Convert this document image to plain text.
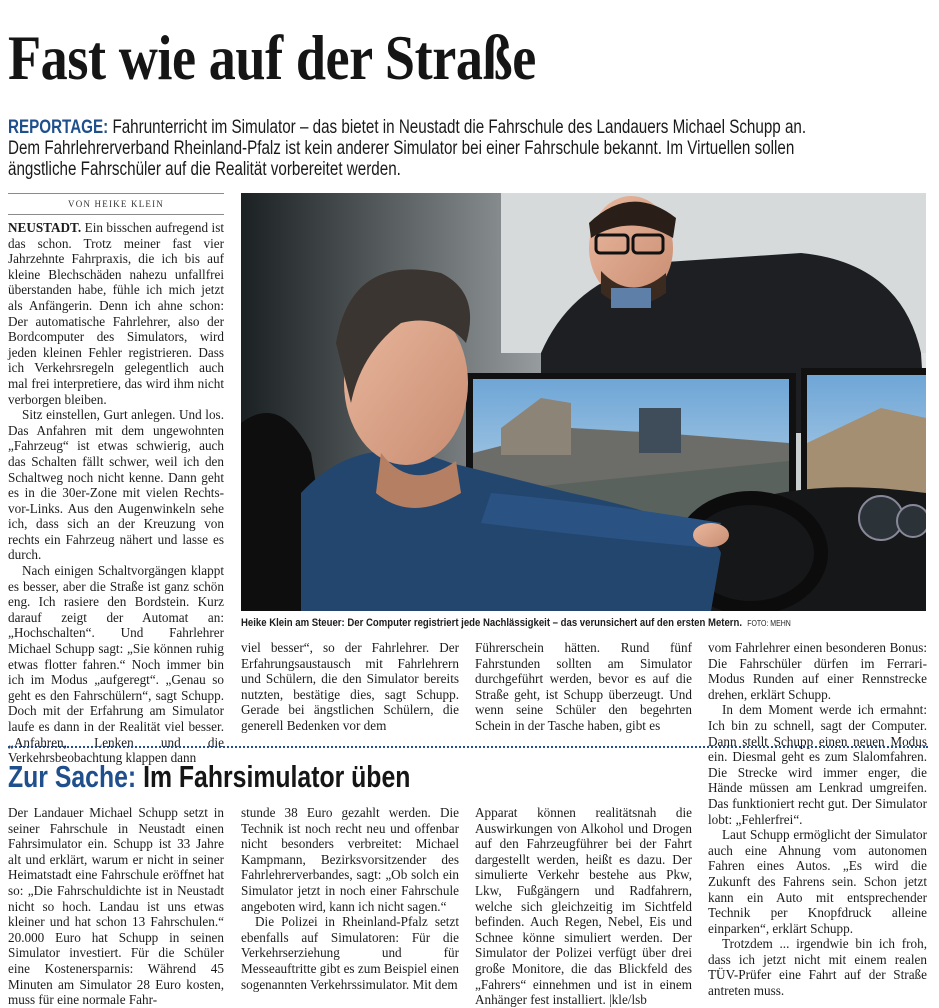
Fast wie auf der Straße
REPORTAGE: Fahrunterricht im Simulator – das bietet in Neustadt die Fahrschule des Landauers Michael Schupp an. Dem Fahrlehrerverband Rheinland-Pfalz ist kein anderer Simulator bei einer Fahrschule bekannt. Im Virtuellen sollen ängstliche Fahrschüler auf die Realität vorbereitet werden.
VON HEIKE KLEIN

NEUSTADT. Ein bisschen aufregend ist das schon. Trotz meiner fast vier Jahrzehnte Fahrpraxis, die ich bis auf kleine Blechschäden nahezu unfallfrei überstanden habe, fühle ich mich jetzt als Anfängerin. Denn ich ahne schon: Der automatische Fahrlehrer, also der Bordcomputer des Simulators, wird jeden kleinen Fehler registrieren. Dass ich Verkehrsregeln gelegentlich auch mal frei interpretiere, das wird ihm nicht verborgen bleiben.

Sitz einstellen, Gurt anlegen. Und los. Das Anfahren mit dem ungewohnten „Fahrzeug“ ist etwas schwierig, auch das Schalten fällt schwer, weil ich den Schaltweg noch nicht kenne. Dann geht es in die 30er-Zone mit vielen Rechts-vor-Links. Aus den Augenwinkeln sehe ich, dass sich an der Kreuzung von rechts ein Fahrzeug nähert und lasse es durch.

Nach einigen Schaltvorgängen klappt es besser, aber die Straße ist ganz schön eng. Ich rasiere den Bordstein. Kurz darauf zeigt der Automat an: „Hochschalten“. Und Fahrlehrer Michael Schupp sagt: „Sie können ruhig etwas flotter fahren.“ Noch immer bin ich im Modus „aufgeregt“. „Genau so geht es den Fahrschülern“, sagt Schupp. Doch mit der Erfahrung am Simulator laufe es dann in der Realität viel besser. „Anfahren, Lenken und die Verkehrsbeobachtung klappen dann

Heike Klein am Steuer: Der Computer registriert jede Nachlässigkeit – das verunsichert auf den ersten Metern. FOTO: MEHN

viel besser“, so der Fahrlehrer. Der Erfahrungsaustausch mit Fahrlehrern und Schülern, die den Simulator bereits nutzten, bestätige dies, sagt Schupp. Gerade bei ängstlichen Schülern, die generell Bedenken vor dem

Führerschein hätten. Rund fünf Fahrstunden sollten am Simulator durchgeführt werden, bevor es auf die Straße geht, ist Schupp überzeugt. Und wenn seine Schüler den begehrten Schein in der Tasche haben, gibt es

vom Fahrlehrer einen besonderen Bonus: Die Fahrschüler dürfen im Ferrari-Modus Runden auf einer Rennstrecke drehen, erklärt Schupp.

In dem Moment werde ich ermahnt: Ich bin zu schnell, sagt der Computer. Dann stellt Schupp einen neuen Modus ein. Diesmal geht es zum Slalomfahren. Die Strecke wird immer enger, die Hände müssen am Lenkrad umgreifen. Das funktioniert recht gut. Der Simulator lobt: „Fehlerfrei“.

Laut Schupp ermöglicht der Simulator auch eine Ahnung vom autonomen Fahren eines Autos. „Es wird die Zukunft des Fahrens sein. Schon jetzt kann ein Auto mit entsprechender Technik per Knopfdruck alleine einparken“, erklärt Schupp.

Trotzdem ... irgendwie bin ich froh, dass ich jetzt nicht mit einem realen TÜV-Prüfer eine Fahrt auf der Straße antreten muss.

Zur Sache: Im Fahrsimulator üben

Der Landauer Michael Schupp setzt in seiner Fahrschule in Neustadt einen Fahrsimulator ein. Schupp ist 33 Jahre alt und erklärt, warum er nicht in seiner Heimatstadt eine Fahrschule eröffnet hat so: „Die Fahrschuldichte ist in Neustadt nicht so hoch. Landau ist uns etwas kleiner und hat schon 13 Fahrschulen.“ 20.000 Euro hat Schupp in seinen Simulator investiert. Für die Schüler eine Kostenersparnis: Während 45 Minuten am Simulator 28 Euro kosten, muss für eine normale Fahr-

stunde 38 Euro gezahlt werden. Die Technik ist noch recht neu und offenbar nicht besonders verbreitet: Michael Kampmann, Bezirksvorsitzender des Fahrlehrerverbandes, sagt: „Ob solch ein Simulator jetzt in noch einer Fahrschule angeboten wird, kann ich nicht sagen.“

Die Polizei in Rheinland-Pfalz setzt ebenfalls auf Simulatoren: Für die Verkehrserziehung und für Messeauftritte gibt es zum Beispiel einen sogenannten Verkehrssimulator. Mit dem

Apparat können realitätsnah die Auswirkungen von Alkohol und Drogen auf den Fahrzeugführer bei der Fahrt dargestellt werden, heißt es dazu. Der simulierte Verkehr bestehe aus Pkw, Lkw, Fußgängern und Radfahrern, welche sich gleichzeitig im Sichtfeld befinden. Auch Regen, Nebel, Eis und Schnee könne simuliert werden. Der Simulator der Polizei verfügt über drei große Monitore, die das Blickfeld des „Fahrers“ einnehmen und ist in einem Anhänger fest installiert. |kle/lsb
